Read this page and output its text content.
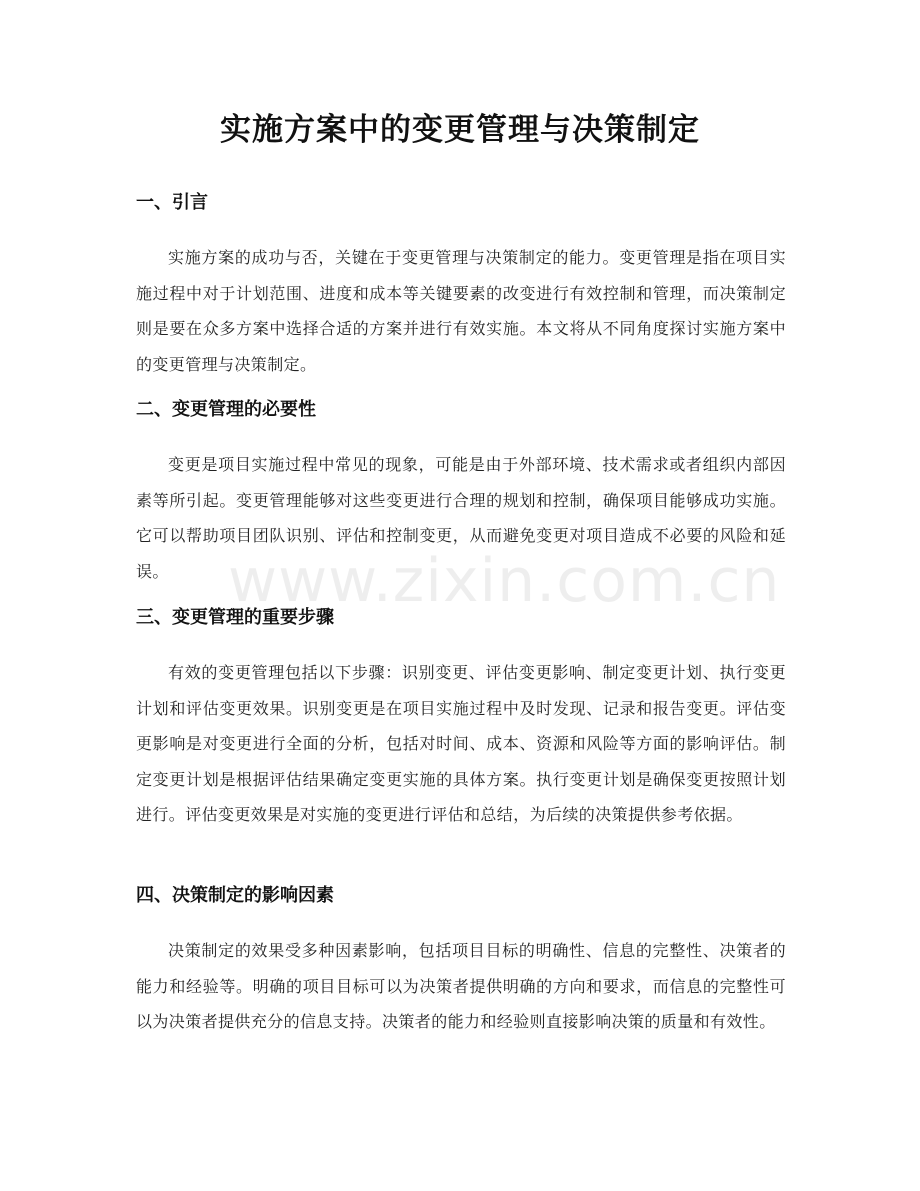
实施方案中的变更管理与决策制定
一、引言

实施方案的成功与否，关键在于变更管理与决策制定的能力。变更管理是指在项目实施过程中对于计划范围、进度和成本等关键要素的改变进行有效控制和管理，而决策制定则是要在众多方案中选择合适的方案并进行有效实施。本文将从不同角度探讨实施方案中的变更管理与决策制定。

二、变更管理的必要性

变更是项目实施过程中常见的现象，可能是由于外部环境、技术需求或者组织内部因素等所引起。变更管理能够对这些变更进行合理的规划和控制，确保项目能够成功实施。它可以帮助项目团队识别、评估和控制变更，从而避免变更对项目造成不必要的风险和延误。

三、变更管理的重要步骤

有效的变更管理包括以下步骤：识别变更、评估变更影响、制定变更计划、执行变更计划和评估变更效果。识别变更是在项目实施过程中及时发现、记录和报告变更。评估变更影响是对变更进行全面的分析，包括对时间、成本、资源和风险等方面的影响评估。制定变更计划是根据评估结果确定变更实施的具体方案。执行变更计划是确保变更按照计划进行。评估变更效果是对实施的变更进行评估和总结，为后续的决策提供参考依据。

四、决策制定的影响因素

决策制定的效果受多种因素影响，包括项目目标的明确性、信息的完整性、决策者的能力和经验等。明确的项目目标可以为决策者提供明确的方向和要求，而信息的完整性可以为决策者提供充分的信息支持。决策者的能力和经验则直接影响决策的质量和有效性。

www.zixin.com.cn
